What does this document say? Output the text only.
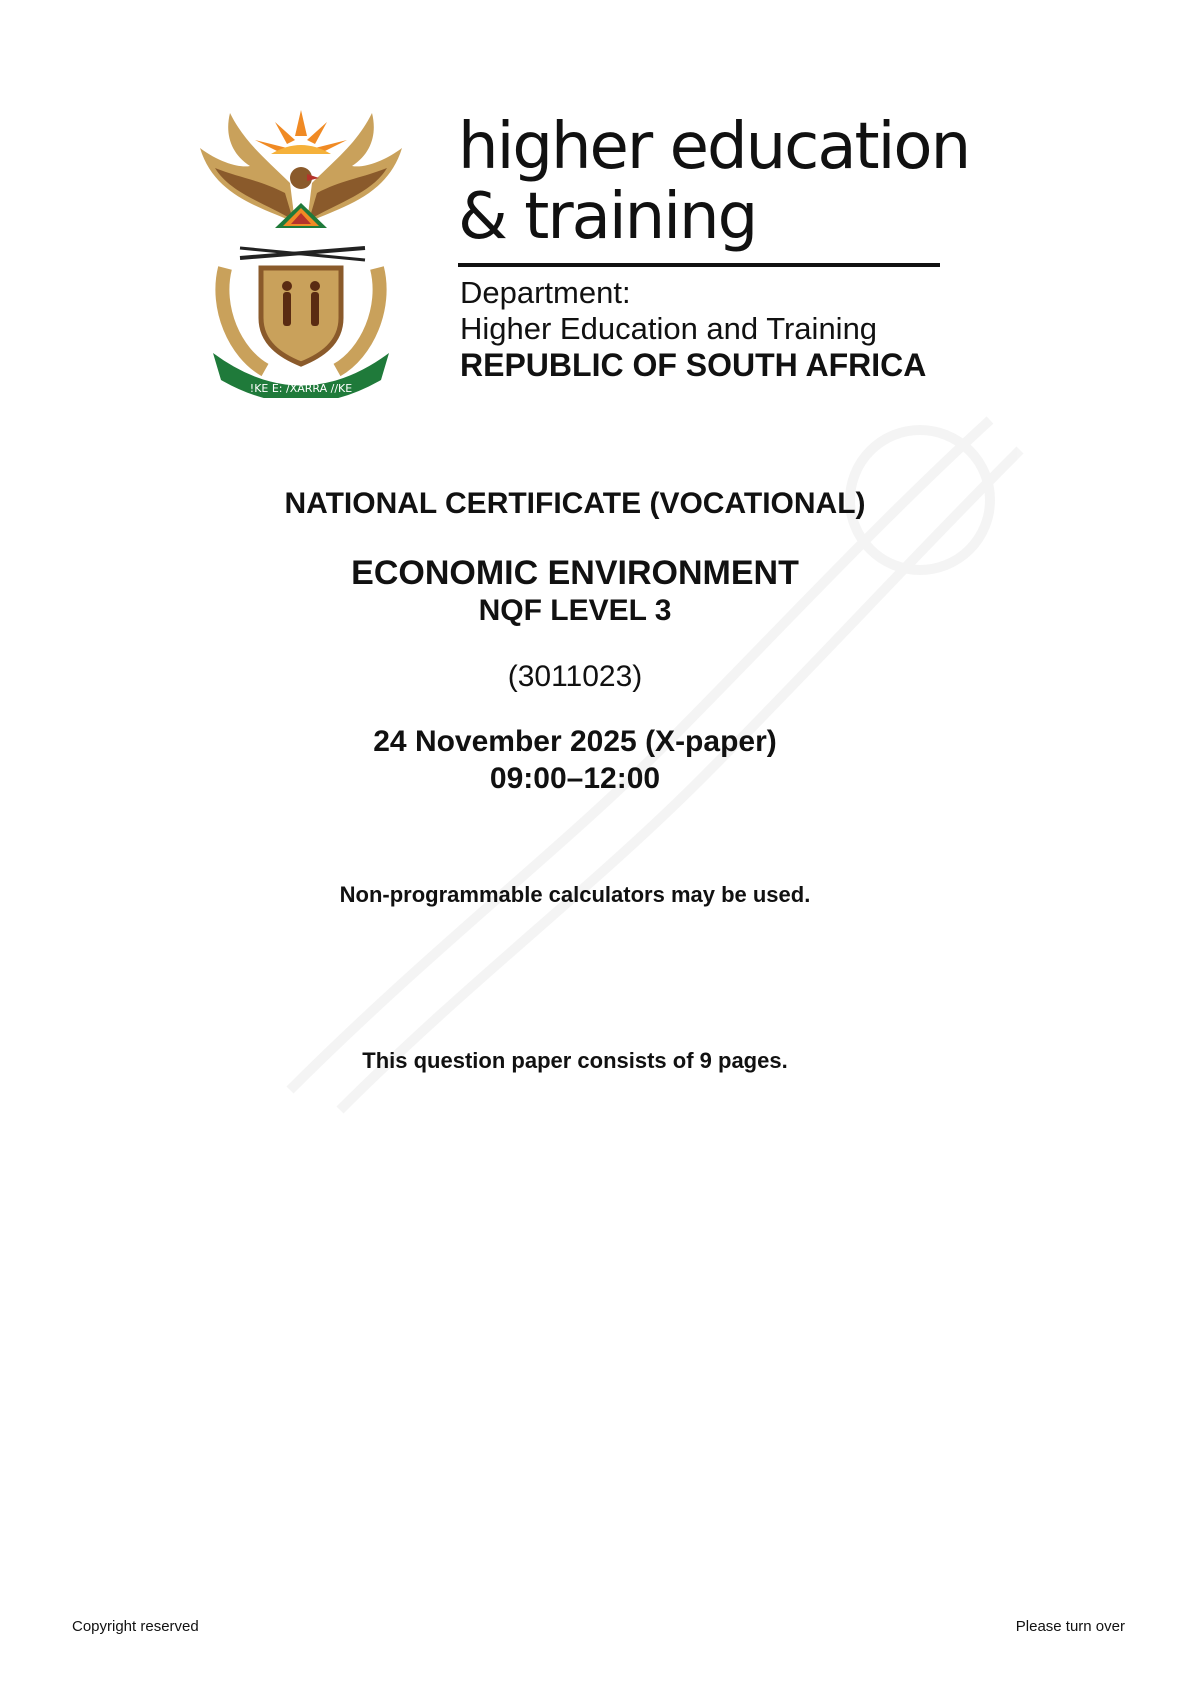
!KE E: /XARRA //KE
higher education
& training
Department:
Higher Education and Training
REPUBLIC OF SOUTH AFRICA
NATIONAL CERTIFICATE (VOCATIONAL)
ECONOMIC ENVIRONMENT
NQF LEVEL 3
(3011023)
24 November 2025 (X-paper)
09:00–12:00
Non-programmable calculators may be used.
This question paper consists of 9 pages.
Copyright reserved	Please turn over
